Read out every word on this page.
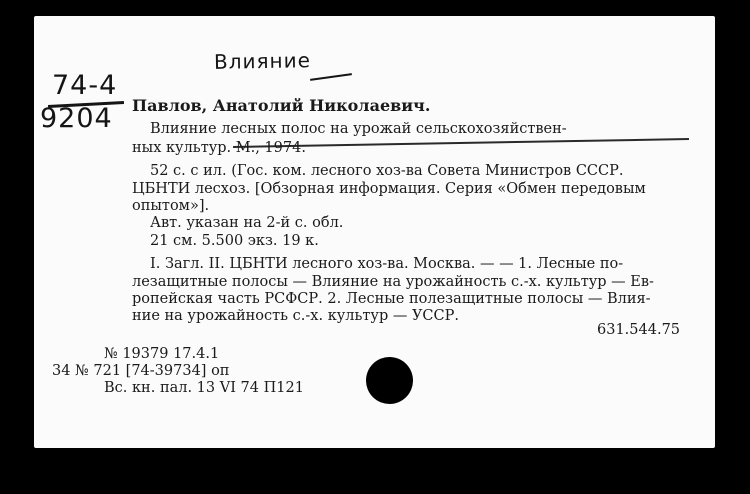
Влияние
74-4
9204 Павлов, Анатолий Николаевич.
Влияние лесных полос на урожай сельскохозяйствен-
ных культур. М., 1974.
52 с. с ил. (Гос. ком. лесного хоз-ва Совета Министров СССР.
ЦБНТИ лесхоз. [Обзорная информация. Серия «Обмен передовым
опытом»].
Авт. указан на 2-й с. обл.
21 см. 5.500 экз. 19 к.
I. Загл. II. ЦБНТИ лесного хоз-ва. Москва. — — 1. Лесные по-
лезащитные полосы — Влияние на урожайность с.-х. культур — Ев-
ропейская часть РСФСР. 2. Лесные полезащитные полосы — Влия-
ние на урожайность с.-х. культур — УССР.
631.544.75
№ 19379 17.4.1
34 № 721 [74-39734] оп
Вс. кн. пал. 13 VI 74 П121
